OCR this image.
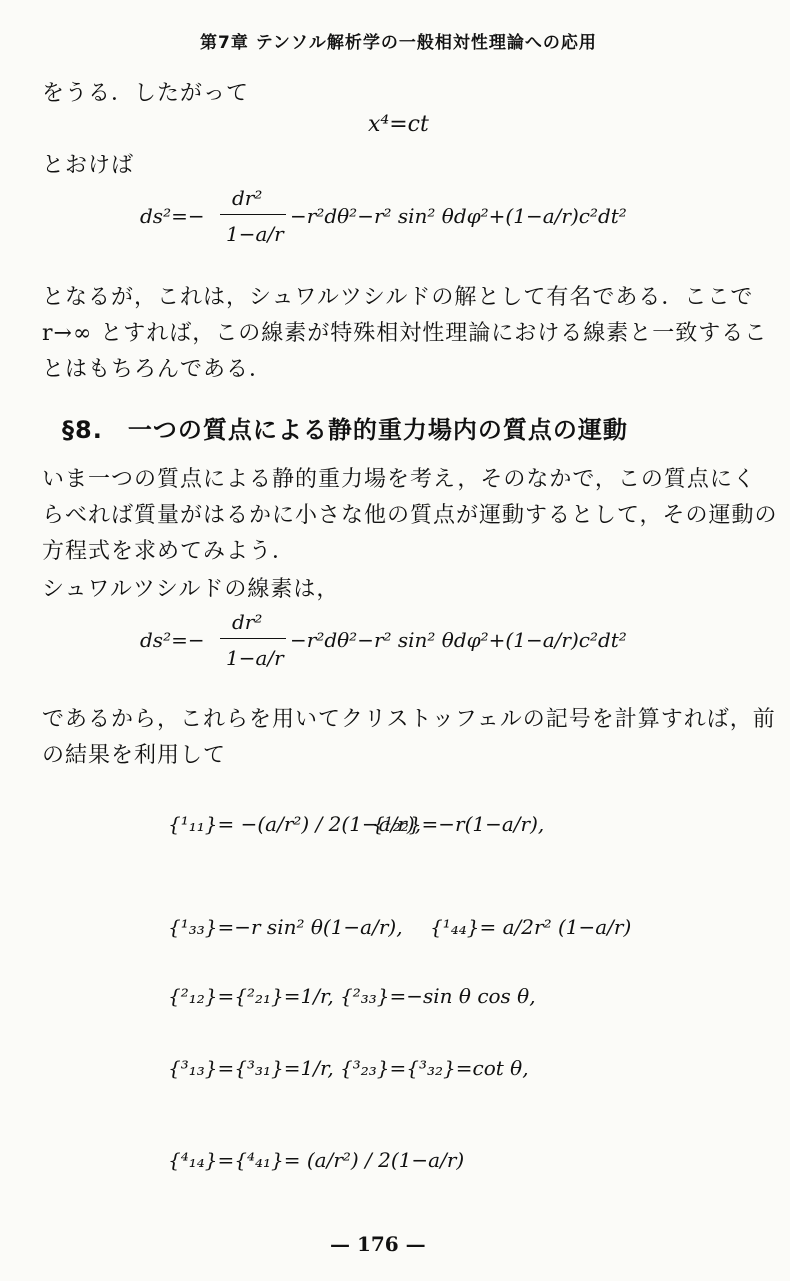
第7章 テンソル解析学の一般相対性理論への応用
をうる．したがって
x⁴=ct
とおけば
ds²=−
dr²
1−a/r
−r²dθ²−r² sin² θdφ²+(1−a/r)c²dt²
となるが，これは，シュワルツシルドの解として有名である．ここで
r→∞ とすれば，この線素が特殊相対性理論における線素と一致するこ
とはもちろんである．
§8.　一つの質点による静的重力場内の質点の運動
いま一つの質点による静的重力場を考え，そのなかで，この質点にく
らべれば質量がはるかに小さな他の質点が運動するとして，その運動の
方程式を求めてみよう．
シュワルツシルドの線素は，
ds²=−
dr²
1−a/r
−r²dθ²−r² sin² θdφ²+(1−a/r)c²dt²
であるから，これらを用いてクリストッフェルの記号を計算すれば，前
の結果を利用して
{¹₁₁}= −(a/r²) / 2(1−a/r),
{¹₂₂}=−r(1−a/r),
{¹₃₃}=−r sin² θ(1−a/r), {¹₄₄}= a/2r² (1−a/r)
{²₁₂}={²₂₁}=1/r, {²₃₃}=−sin θ cos θ,
{³₁₃}={³₃₁}=1/r, {³₂₃}={³₃₂}=cot θ,
{⁴₁₄}={⁴₄₁}= (a/r²) / 2(1−a/r)
— 176 —
